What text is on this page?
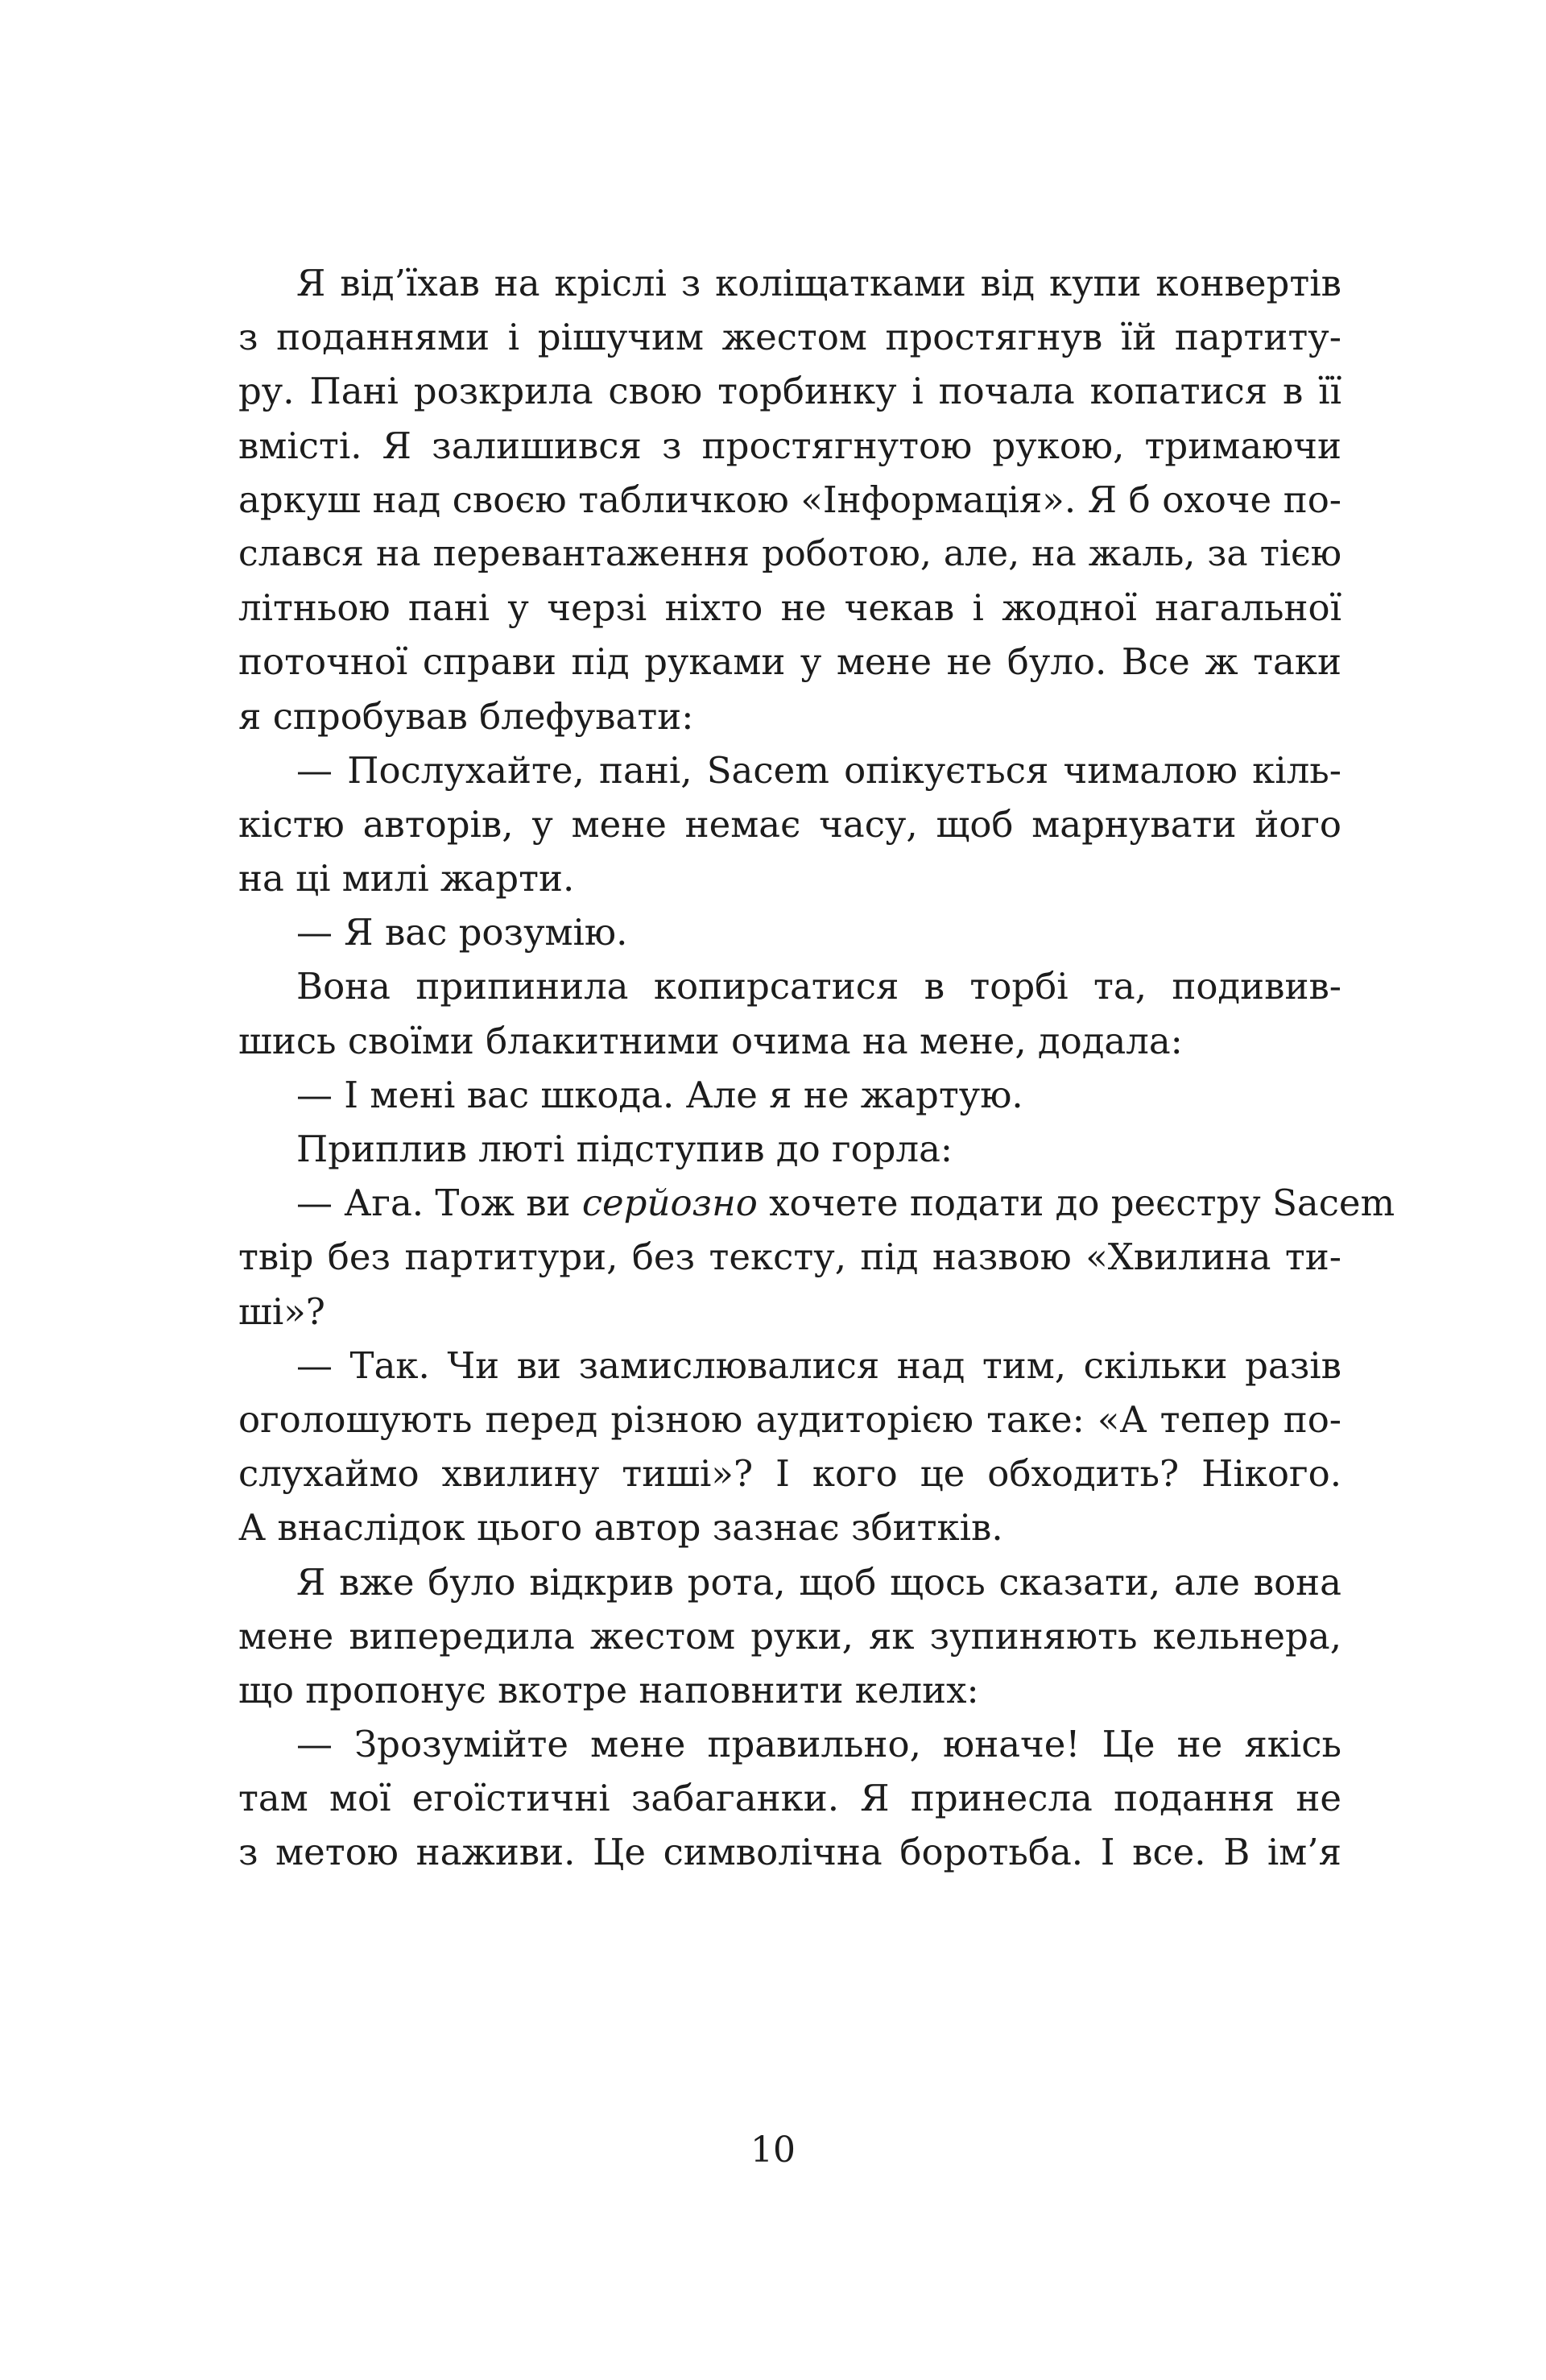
Я від’їхав на кріслі з коліщатками від купи конвертів
з поданнями і рішучим жестом простягнув їй партиту-
ру. Пані розкрила свою торбинку і почала копатися в її
вмісті. Я залишився з простягнутою рукою, тримаючи
аркуш над своєю табличкою «Інформація». Я б охоче по-
слався на перевантаження роботою, але, на жаль, за тією
літньою пані у черзі ніхто не чекав і жодної нагальної
поточної справи під руками у мене не було. Все ж таки
я спробував блефувати:
— Послухайте, пані, Sacem опікується чималою кіль-
кістю авторів, у мене немає часу, щоб марнувати його
на ці милі жарти.
— Я вас розумію.
Вона припинила копирсатися в торбі та, подивив-
шись своїми блакитними очима на мене, додала:
— І мені вас шкода. Але я не жартую.
Приплив люті підступив до горла:
— Ага. Тож ви серйозно хочете подати до реєстру Sacem
твір без партитури, без тексту, під назвою «Хвилина ти-
ші»?
— Так. Чи ви замислювалися над тим, скільки разів
оголошують перед різною аудиторією таке: «А тепер по-
слухаймо хвилину тиші»? І кого це обходить? Нікого.
А внаслідок цього автор зазнає збитків.
Я вже було відкрив рота, щоб щось сказати, але вона
мене випередила жестом руки, як зупиняють кельнера,
що пропонує вкотре наповнити келих:
— Зрозумійте мене правильно, юначе! Це не якісь
там мої егоїстичні забаганки. Я принесла подання не
з метою наживи. Це символічна боротьба. І все. В ім’я
10
